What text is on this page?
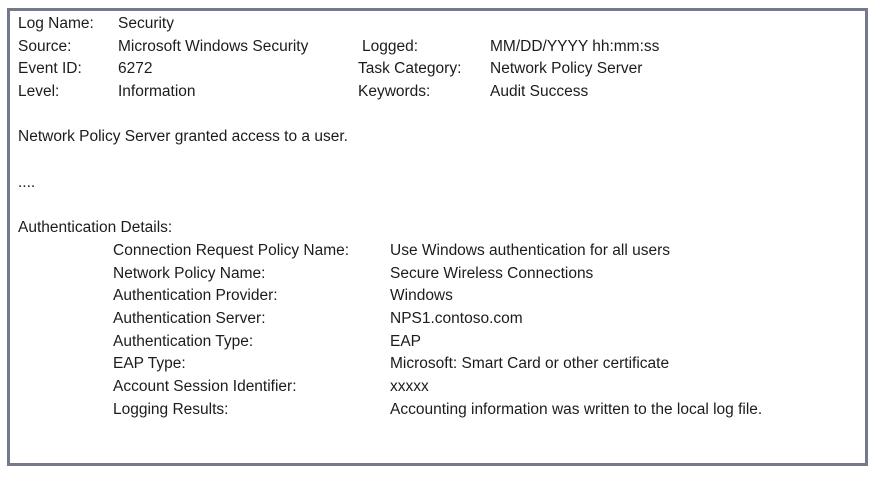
Log Name: Security
Source:	Microsoft Windows Security	Logged:	MM/DD/YYYY hh:mm:ss
Event ID: 6272	Task Category: Network Policy Server
Level:	Information	Keywords:	Audit Success
Network Policy Server granted access to a user.
....
Authentication Details:
Connection Request Policy Name:	Use Windows authentication for all users
Network Policy Name:	Secure Wireless Connections
Authentication Provider:	Windows
Authentication Server:	NPS1.contoso.com
Authentication Type:	EAP
EAP Type:	Microsoft: Smart Card or other certificate
Account Session Identifier:	xxxxx
Logging Results:	Accounting information was written to the local log file.
